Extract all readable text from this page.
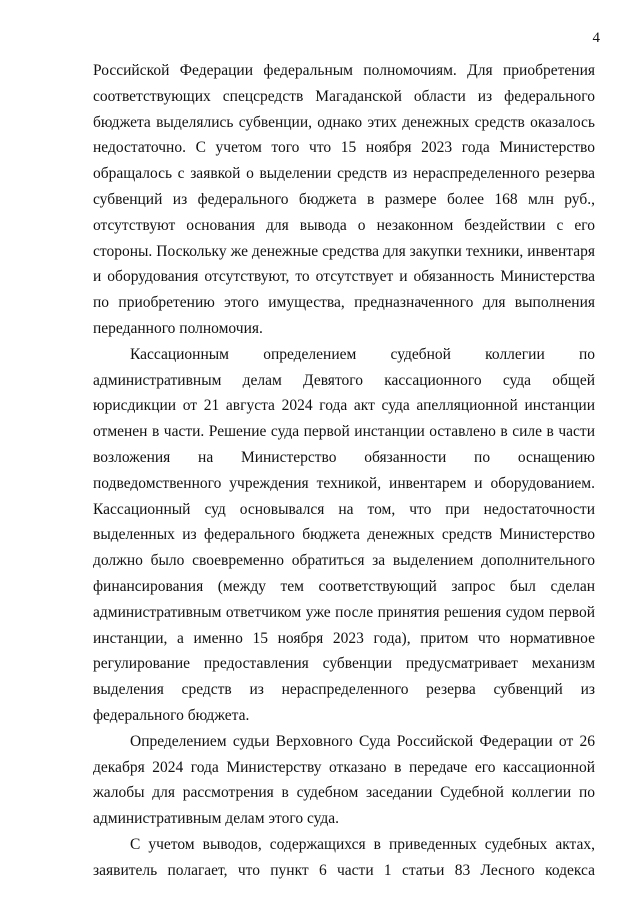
4

Российской Федерации федеральным полномочиям. Для приобретения соответствующих спецсредств Магаданской области из федерального бюджета выделялись субвенции, однако этих денежных средств оказалось недостаточно. С учетом того что 15 ноября 2023 года Министерство обращалось с заявкой о выделении средств из нераспределенного резерва субвенций из федерального бюджета в размере более 168 млн руб., отсутствуют основания для вывода о незаконном бездействии с его стороны. Поскольку же денежные средства для закупки техники, инвентаря и оборудования отсутствуют, то отсутствует и обязанность Министерства по приобретению этого имущества, предназначенного для выполнения переданного полномочия.

Кассационным определением судебной коллегии по административным делам Девятого кассационного суда общей юрисдикции от 21 августа 2024 года акт суда апелляционной инстанции отменен в части. Решение суда первой инстанции оставлено в силе в части возложения на Министерство обязанности по оснащению подведомственного учреждения техникой, инвентарем и оборудованием. Кассационный суд основывался на том, что при недостаточности выделенных из федерального бюджета денежных средств Министерство должно было своевременно обратиться за выделением дополнительного финансирования (между тем соответствующий запрос был сделан административным ответчиком уже после принятия решения судом первой инстанции, а именно 15 ноября 2023 года), притом что нормативное регулирование предоставления субвенции предусматривает механизм выделения средств из нераспределенного резерва субвенций из федерального бюджета.

Определением судьи Верховного Суда Российской Федерации от 26 декабря 2024 года Министерству отказано в передаче его кассационной жалобы для рассмотрения в судебном заседании Судебной коллегии по административным делам этого суда.

С учетом выводов, содержащихся в приведенных судебных актах, заявитель полагает, что пункт 6 части 1 статьи 83 Лесного кодекса
